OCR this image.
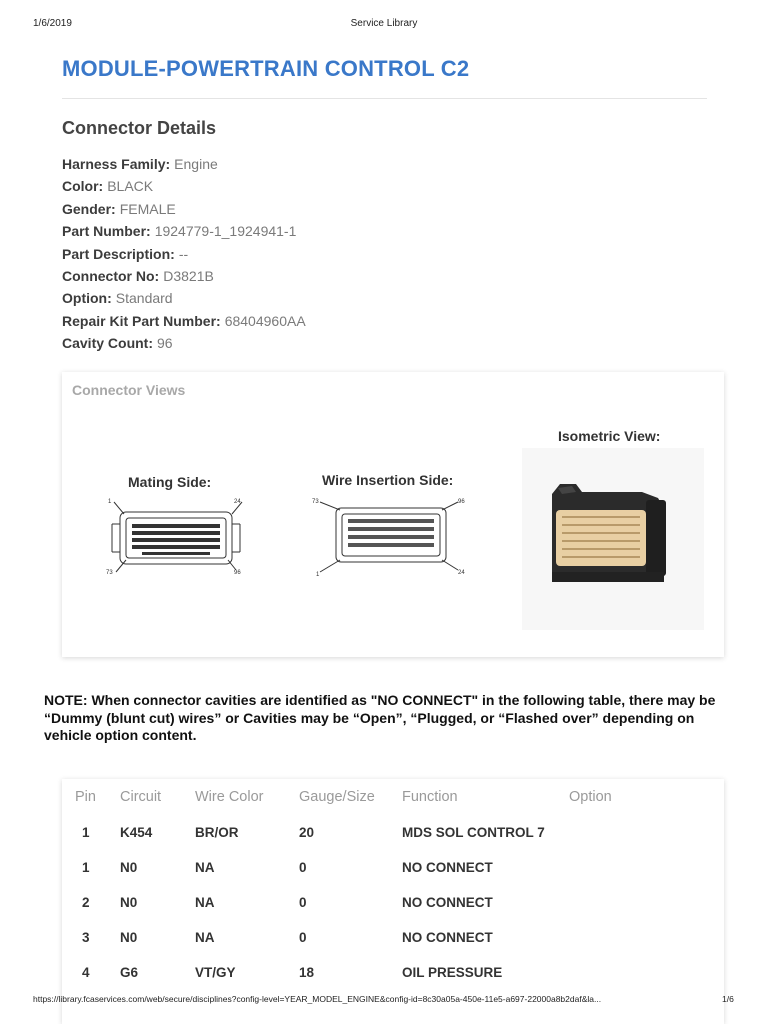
1/6/2019	Service Library
MODULE-POWERTRAIN CONTROL C2
Connector Details
Harness Family: Engine
Color: BLACK
Gender: FEMALE
Part Number: 1924779-1_1924941-1
Part Description: --
Connector No: D3821B
Option: Standard
Repair Kit Part Number: 68404960AA
Cavity Count: 96
Connector Views
Mating Side:
1	24
73	96
Wire Insertion Side:
73	96
1	24
Isometric View:

NOTE: When connector cavities are identified as "NO CONNECT" in the following table, there may be “Dummy (blunt cut) wires” or Cavities may be “Open”, “Plugged, or “Flashed over” depending on vehicle option content.

Pin	Circuit	Wire Color	Gauge/Size	Function	Option
1	K454	BR/OR	20	MDS SOL CONTROL 7	
1	N0	NA	0	NO CONNECT	
2	N0	NA	0	NO CONNECT	
3	N0	NA	0	NO CONNECT	
4	G6	VT/GY	18	OIL PRESSURE	
https://library.fcaservices.com/web/secure/disciplines?config-level=YEAR_MODEL_ENGINE&config-id=8c30a05a-450e-11e5-a697-22000a8b2daf&la...	1/6
